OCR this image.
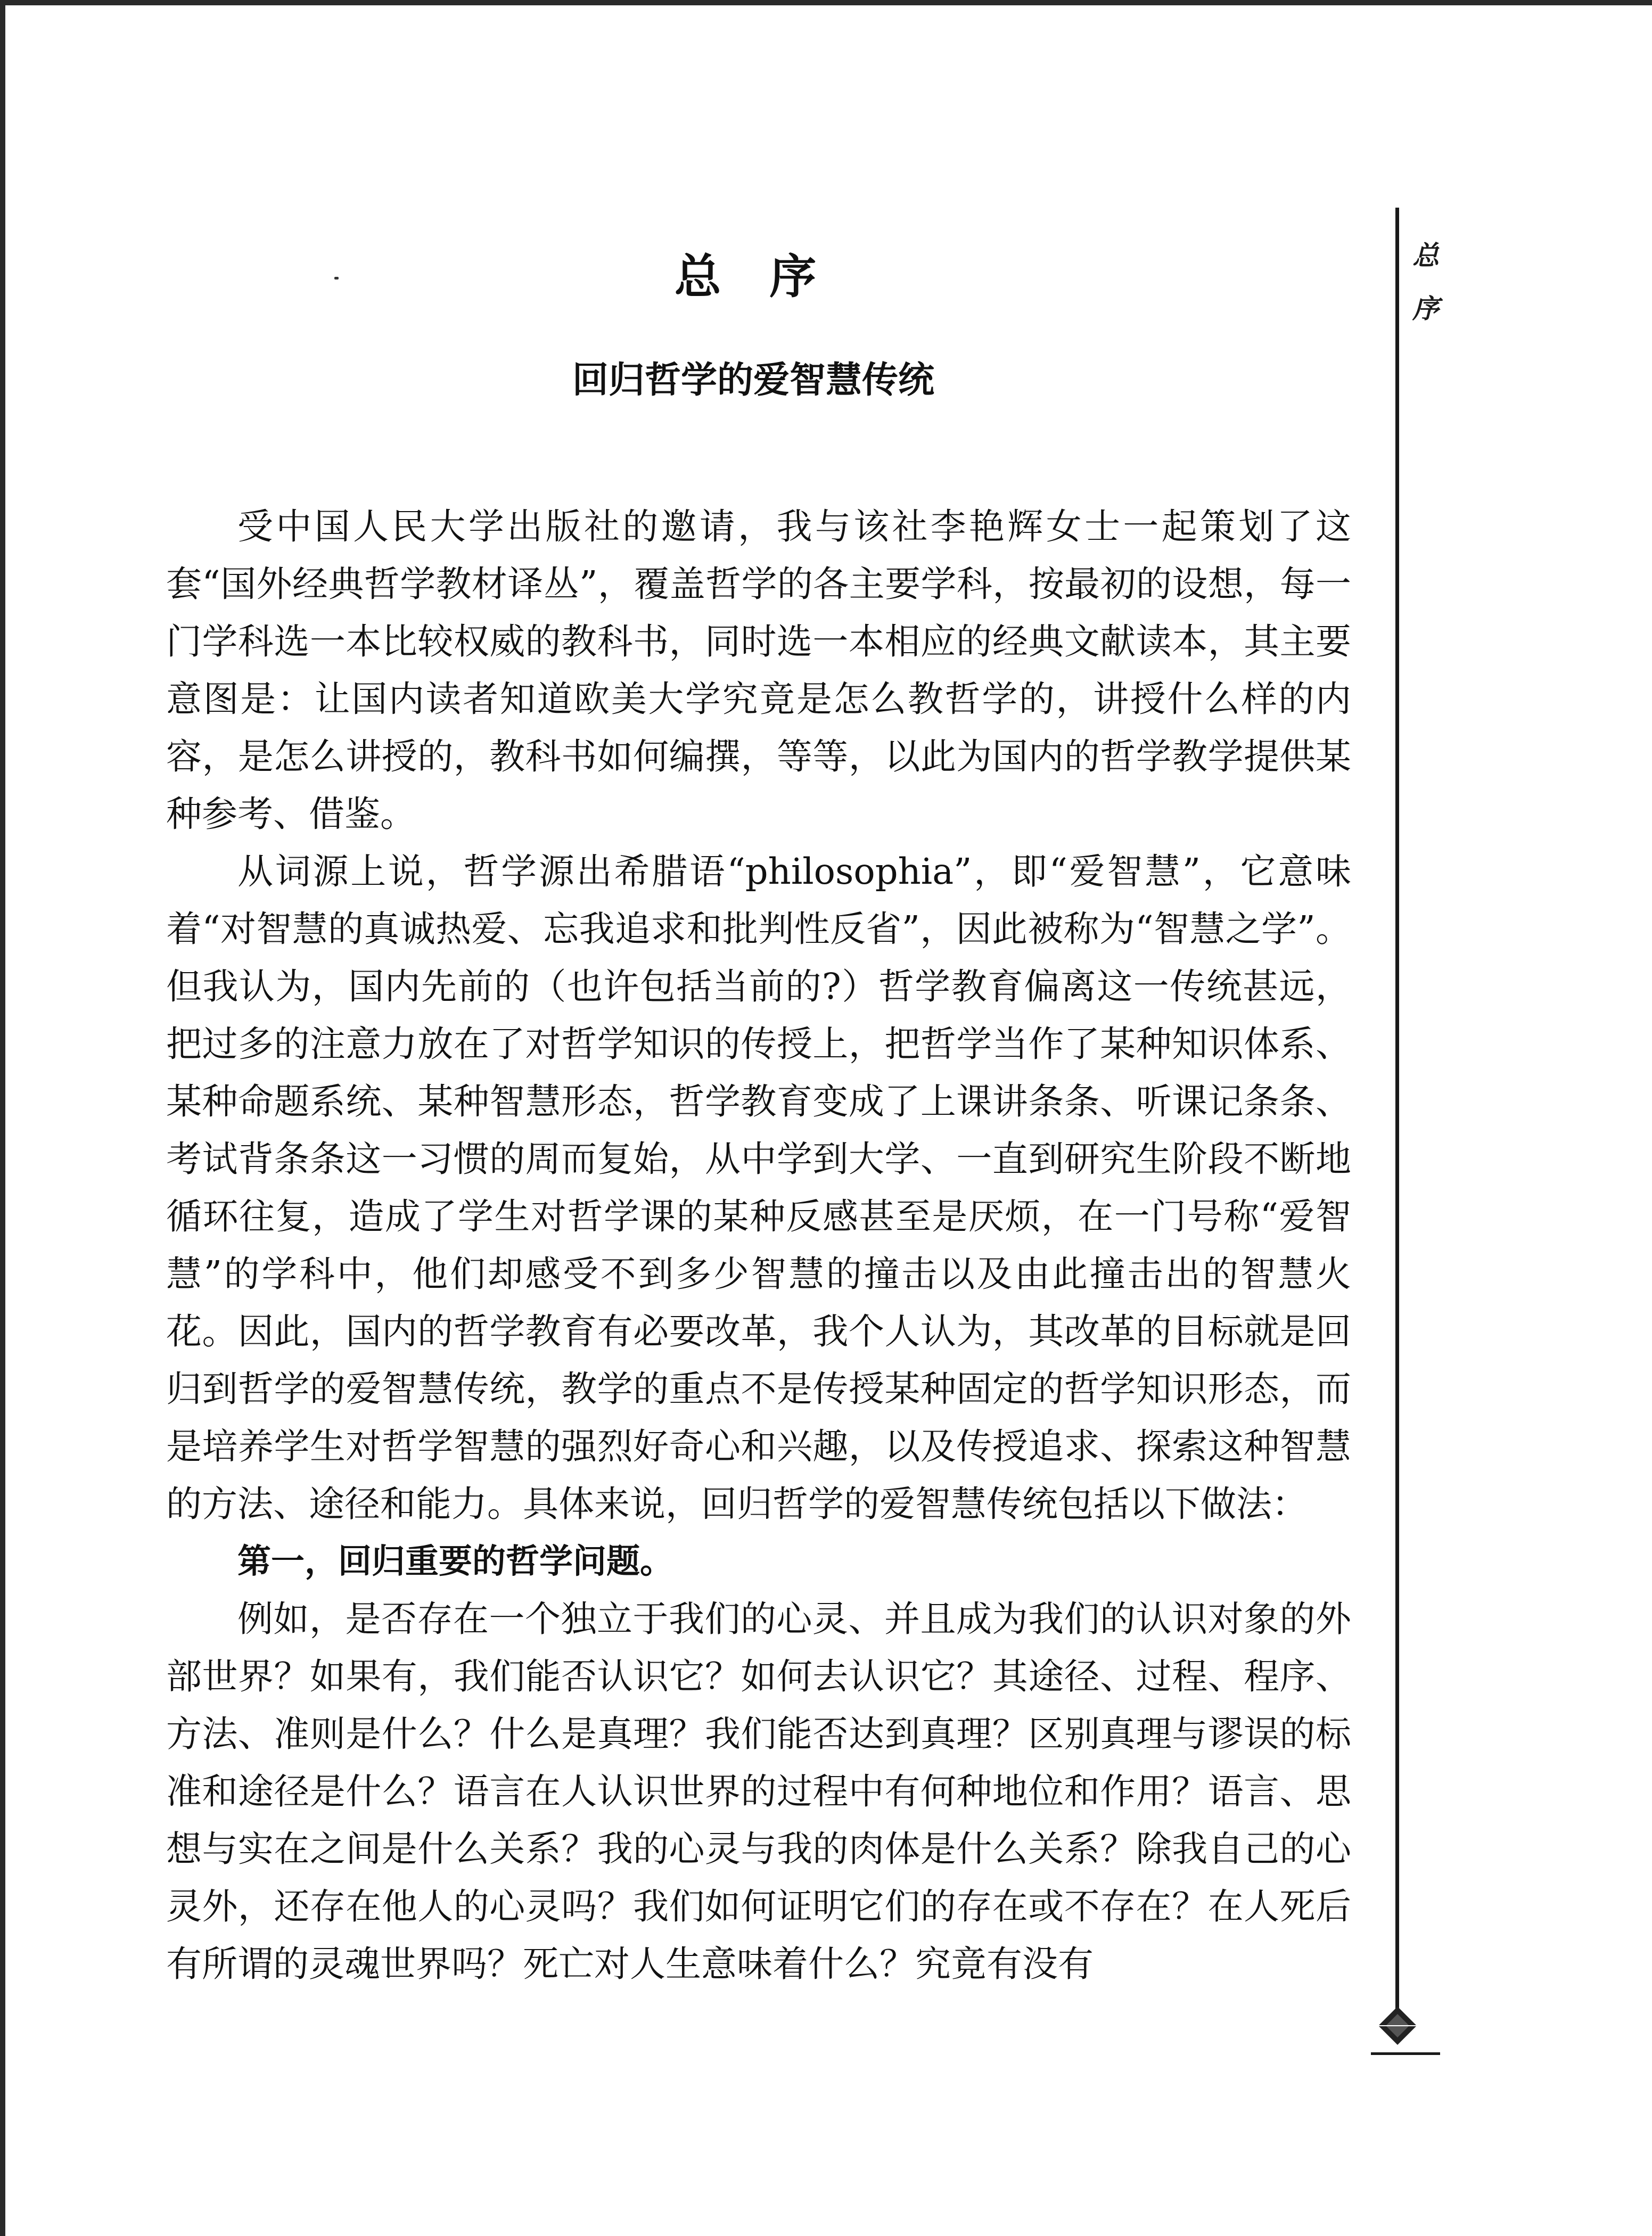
总 序
回归哲学的爱智慧传统

受中国人民大学出版社的邀请，我与该社李艳辉女士一起策划了这套“国外经典哲学教材译丛”，覆盖哲学的各主要学科，按最初的设想，每一门学科选一本比较权威的教科书，同时选一本相应的经典文献读本，其主要意图是：让国内读者知道欧美大学究竟是怎么教哲学的，讲授什么样的内容，是怎么讲授的，教科书如何编撰，等等，以此为国内的哲学教学提供某种参考、借鉴。

从词源上说，哲学源出希腊语“philosophia”，即“爱智慧”，它意味着“对智慧的真诚热爱、忘我追求和批判性反省”，因此被称为“智慧之学”。但我认为，国内先前的（也许包括当前的?）哲学教育偏离这一传统甚远，把过多的注意力放在了对哲学知识的传授上，把哲学当作了某种知识体系、某种命题系统、某种智慧形态，哲学教育变成了上课讲条条、听课记条条、考试背条条这一习惯的周而复始，从中学到大学、一直到研究生阶段不断地循环往复，造成了学生对哲学课的某种反感甚至是厌烦，在一门号称“爱智慧”的学科中，他们却感受不到多少智慧的撞击以及由此撞击出的智慧火花。因此，国内的哲学教育有必要改革，我个人认为，其改革的目标就是回归到哲学的爱智慧传统，教学的重点不是传授某种固定的哲学知识形态，而是培养学生对哲学智慧的强烈好奇心和兴趣，以及传授追求、探索这种智慧的方法、途径和能力。具体来说，回归哲学的爱智慧传统包括以下做法：

第一，回归重要的哲学问题。

例如，是否存在一个独立于我们的心灵、并且成为我们的认识对象的外部世界？如果有，我们能否认识它？如何去认识它？其途径、过程、程序、方法、准则是什么？什么是真理？我们能否达到真理？区别真理与谬误的标准和途径是什么？语言在人认识世界的过程中有何种地位和作用？语言、思想与实在之间是什么关系？我的心灵与我的肉体是什么关系？除我自己的心灵外，还存在他人的心灵吗？我们如何证明它们的存在或不存在？在人死后有所谓的灵魂世界吗？死亡对人生意味着什么？究竟有没有

总
序
